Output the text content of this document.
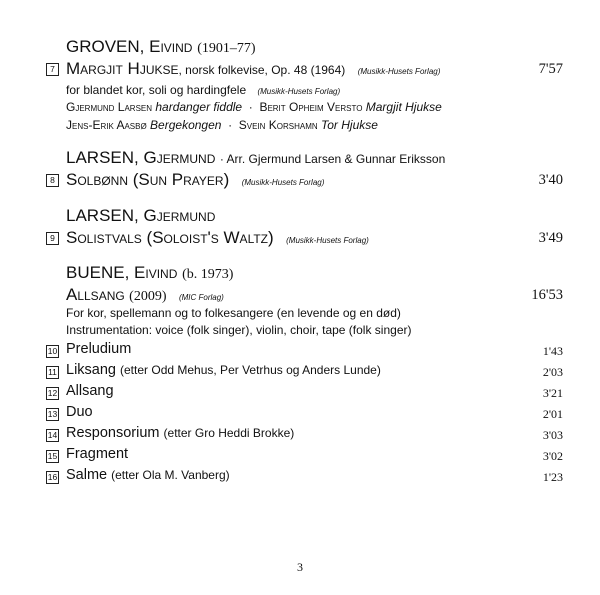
GROVEN, Eivind (1901–77)
7 Margjit Hjukse, norsk folkevise, Op. 48 (1964) (Musikk-Husets Forlag)	7'57
for blandet kor, soli og hardingfele (Musikk-Husets Forlag)
Gjermund Larsen hardanger fiddle  ·  Berit Opheim Versto Margjit Hjukse
Jens-Erik Aasbø Bergekongen  ·  Svein Korshamn Tor Hjukse
LARSEN, Gjermund · Arr. Gjermund Larsen & Gunnar Eriksson
8 Solbønn (Sun Prayer) (Musikk-Husets Forlag)	3'40
LARSEN, Gjermund
9 Solistvals (Soloist's Waltz) (Musikk-Husets Forlag)	3'49
BUENE, Eivind (b. 1973)
Allsang (2009) (MIC Forlag)	16'53
For kor, spellemann og to folkesangere (en levende og en død)
Instrumentation: voice (folk singer), violin, choir, tape (folk singer)
10 Preludium	1'43
11 Liksang (etter Odd Mehus, Per Vetrhus og Anders Lunde)	2'03
12 Allsang	3'21
13 Duo	2'01
14 Responsorium (etter Gro Heddi Brokke)	3'03
15 Fragment	3'02
16 Salme (etter Ola M. Vanberg)	1'23
3
